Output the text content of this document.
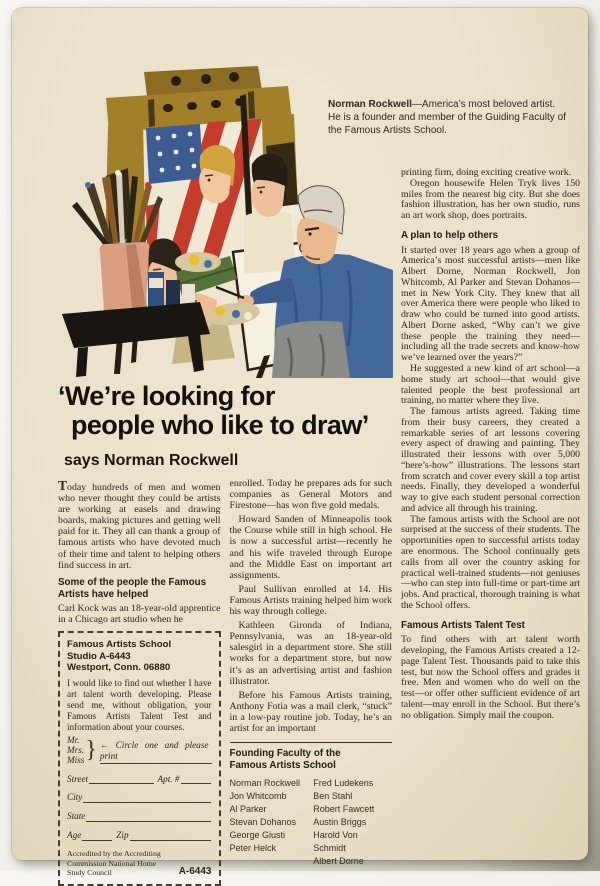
Norman Rockwell—America’s most beloved artist. He is a founder and member of the Guiding Faculty of the Famous Artists School.
‘We’re looking for
people who like to draw’
says Norman Rockwell

Today hundreds of men and women who never thought they could be artists are working at easels and drawing boards, making pictures and getting well paid for it. They all can thank a group of famous artists who have devoted much of their time and talent to helping others find success in art.

Some of the people the Famous Artists have helped

Carl Kock was an 18-year-old apprentice in a Chicago art studio when he

Famous Artists School
Studio A-6443
Westport, Conn. 06880

I would like to find out whether I have art talent worth developing. Please send me, without obligation, your Famous Artists Talent Test and information about your courses.

Mr.
Mrs.
Miss } ← Circle one and please print
Street	Apt. #
City
State
Age	Zip
Accredited by the Accrediting Commission National Home Study Council	A-6443

enrolled. Today he prepares ads for such companies as General Motors and Firestone—has won five gold medals.

Howard Sanden of Minneapolis took the Course while still in high school. He is now a successful artist—recently he and his wife traveled through Europe and the Middle East on important art assignments.

Paul Sullivan enrolled at 14. His Famous Artists training helped him work his way through college.

Kathleen Gironda of Indiana, Pennsylvania, was an 18-year-old salesgirl in a department store. She still works for a department store, but now it’s as an advertising artist and fashion illustrator.

Before his Famous Artists training, Anthony Fotia was a mail clerk, “stuck” in a low-pay routine job. Today, he’s an artist for an important

Founding Faculty of the Famous Artists School
Norman Rockwell
Jon Whitcomb
Al Parker
Stevan Dohanos
George Giusti
Peter Helck
Fred Ludekens
Ben Stahl
Robert Fawcett
Austin Briggs
Harold Von Schmidt
Albert Dorne

printing firm, doing exciting creative work.

Oregon housewife Helen Tryk lives 150 miles from the nearest big city. But she does fashion illustration, has her own studio, runs an art work shop, does portraits.

A plan to help others

It started over 18 years ago when a group of America’s most successful artists—men like Albert Dorne, Norman Rockwell, Jon Whitcomb, Al Parker and Stevan Dohanos—met in New York City. They knew that all over America there were people who liked to draw who could be turned into good artists. Albert Dorne asked, “Why can’t we give these people the training they need—including all the trade secrets and know-how we’ve learned over the years?”

He suggested a new kind of art school—a home study art school—that would give talented people the best professional art training, no matter where they live.

The famous artists agreed. Taking time from their busy careers, they created a remarkable series of art lessons covering every aspect of drawing and painting. They illustrated their lessons with over 5,000 “here’s-how” illustrations. The lessons start from scratch and cover every skill a top artist needs. Finally, they developed a wonderful way to give each student personal correction and advice all through his training.

The famous artists with the School are not surprised at the success of their students. The opportunities open to successful artists today are enormous. The School continually gets calls from all over the country asking for practical well-trained students—not geniuses—who can step into full-time or part-time art jobs. And practical, thorough training is what the School offers.

Famous Artists Talent Test

To find others with art talent worth developing, the Famous Artists created a 12-page Talent Test. Thousands paid to take this test, but now the School offers and grades it free. Men and women who do well on the test—or offer other sufficient evidence of art talent—may enroll in the School. But there’s no obligation. Simply mail the coupon.
